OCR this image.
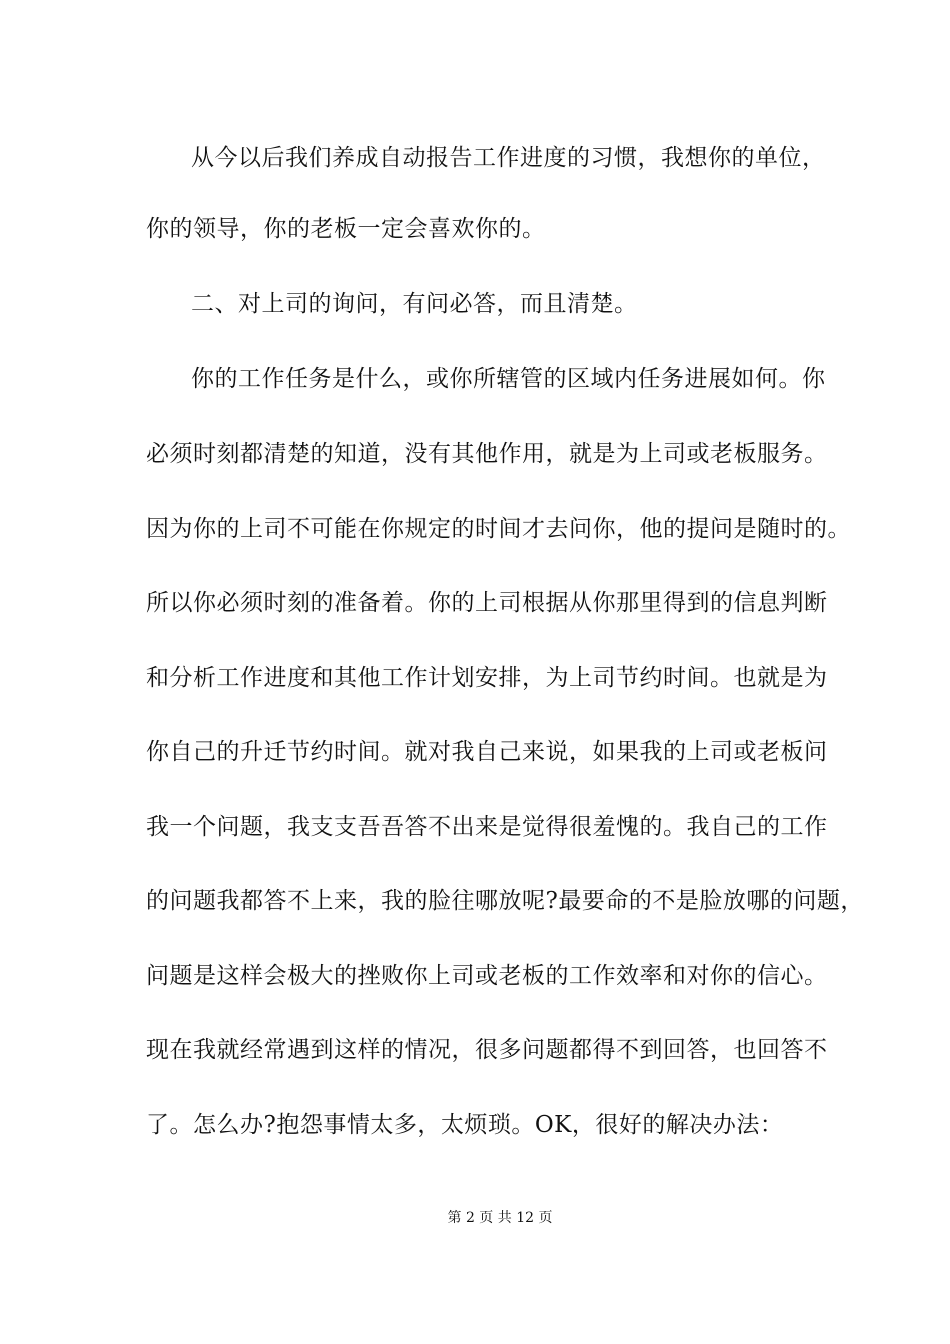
从今以后我们养成自动报告工作进度的习惯，我想你的单位，
你的领导，你的老板一定会喜欢你的。
二、对上司的询问，有问必答，而且清楚。
你的工作任务是什么，或你所辖管的区域内任务进展如何。你
必须时刻都清楚的知道，没有其他作用，就是为上司或老板服务。
因为你的上司不可能在你规定的时间才去问你，他的提问是随时的。
所以你必须时刻的准备着。你的上司根据从你那里得到的信息判断
和分析工作进度和其他工作计划安排，为上司节约时间。也就是为
你自己的升迁节约时间。就对我自己来说，如果我的上司或老板问
我一个问题，我支支吾吾答不出来是觉得很羞愧的。我自己的工作
的问题我都答不上来，我的脸往哪放呢?最要命的不是脸放哪的问题，
问题是这样会极大的挫败你上司或老板的工作效率和对你的信心。
现在我就经常遇到这样的情况，很多问题都得不到回答，也回答不
了。怎么办?抱怨事情太多，太烦琐。OK，很好的解决办法：
第 2 页 共 12 页
